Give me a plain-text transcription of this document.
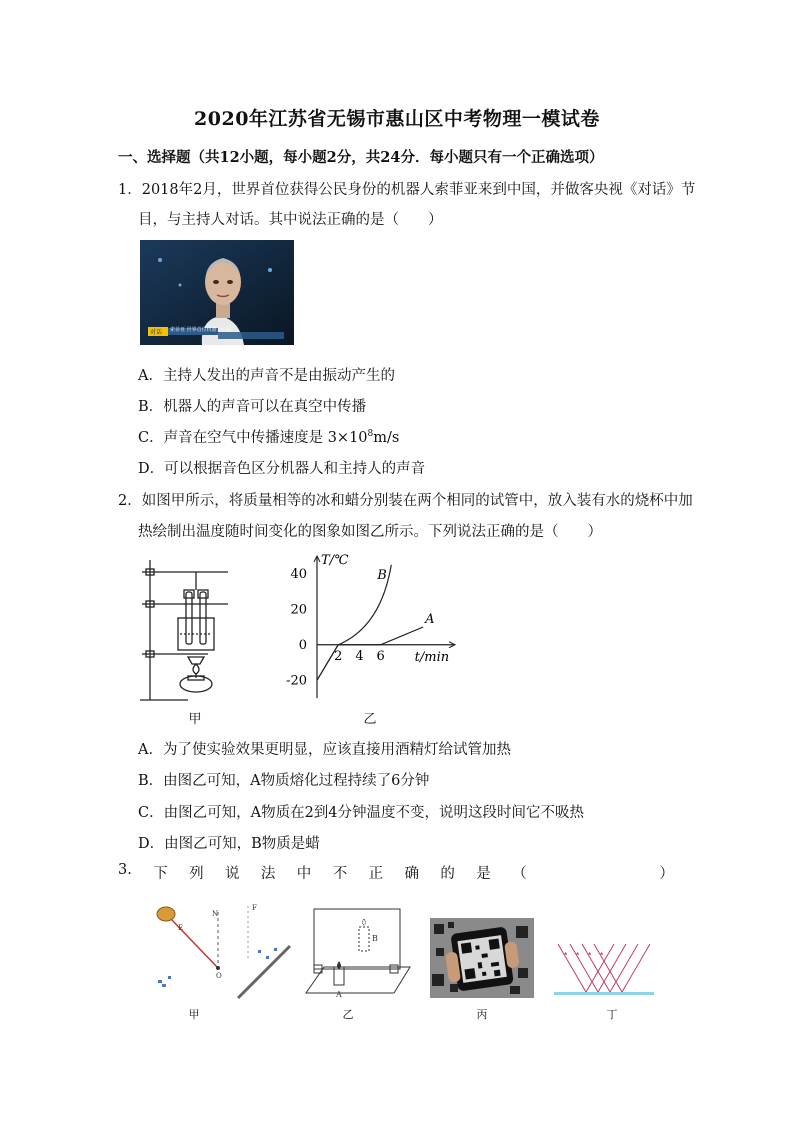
2020年江苏省无锡市惠山区中考物理一模试卷
一、选择题（共12小题，每小题2分，共24分．每小题只有一个正确选项）
1．2018年2月，世界首位获得公民身份的机器人索菲亚来到中国，并做客央视《对话》节
目，与主持人对话。其中说法正确的是（　　）
索菲亚 世界首位机器人公民
对话
A．主持人发出的声音不是由振动产生的
B．机器人的声音可以在真空中传播
C．声音在空气中传播速度是 $3\times 10^8m/s$
D．可以根据音色区分机器人和主持人的声音
2．如图甲所示，将质量相等的冰和蜡分别装在两个相同的试管中，放入装有水的烧杯中加
热绘制出温度随时间变化的图象如图乙所示。下列说法正确的是（　　）
甲
T/℃
t/min
40
20
0
-20
2 4 6
A
B
乙
A．为了使实验效果更明显，应该直接用酒精灯给试管加热
B．由图乙可知，A物质熔化过程持续了6分钟
C．由图乙可知，A物质在2到4分钟温度不变，说明这段时间它不吸热
D．由图乙可知，B物质是蜡
3. 下 列 说 法 中 不 正 确 的 是 （	）
N
F
E
O
甲
A
B
乙	丙	丁
